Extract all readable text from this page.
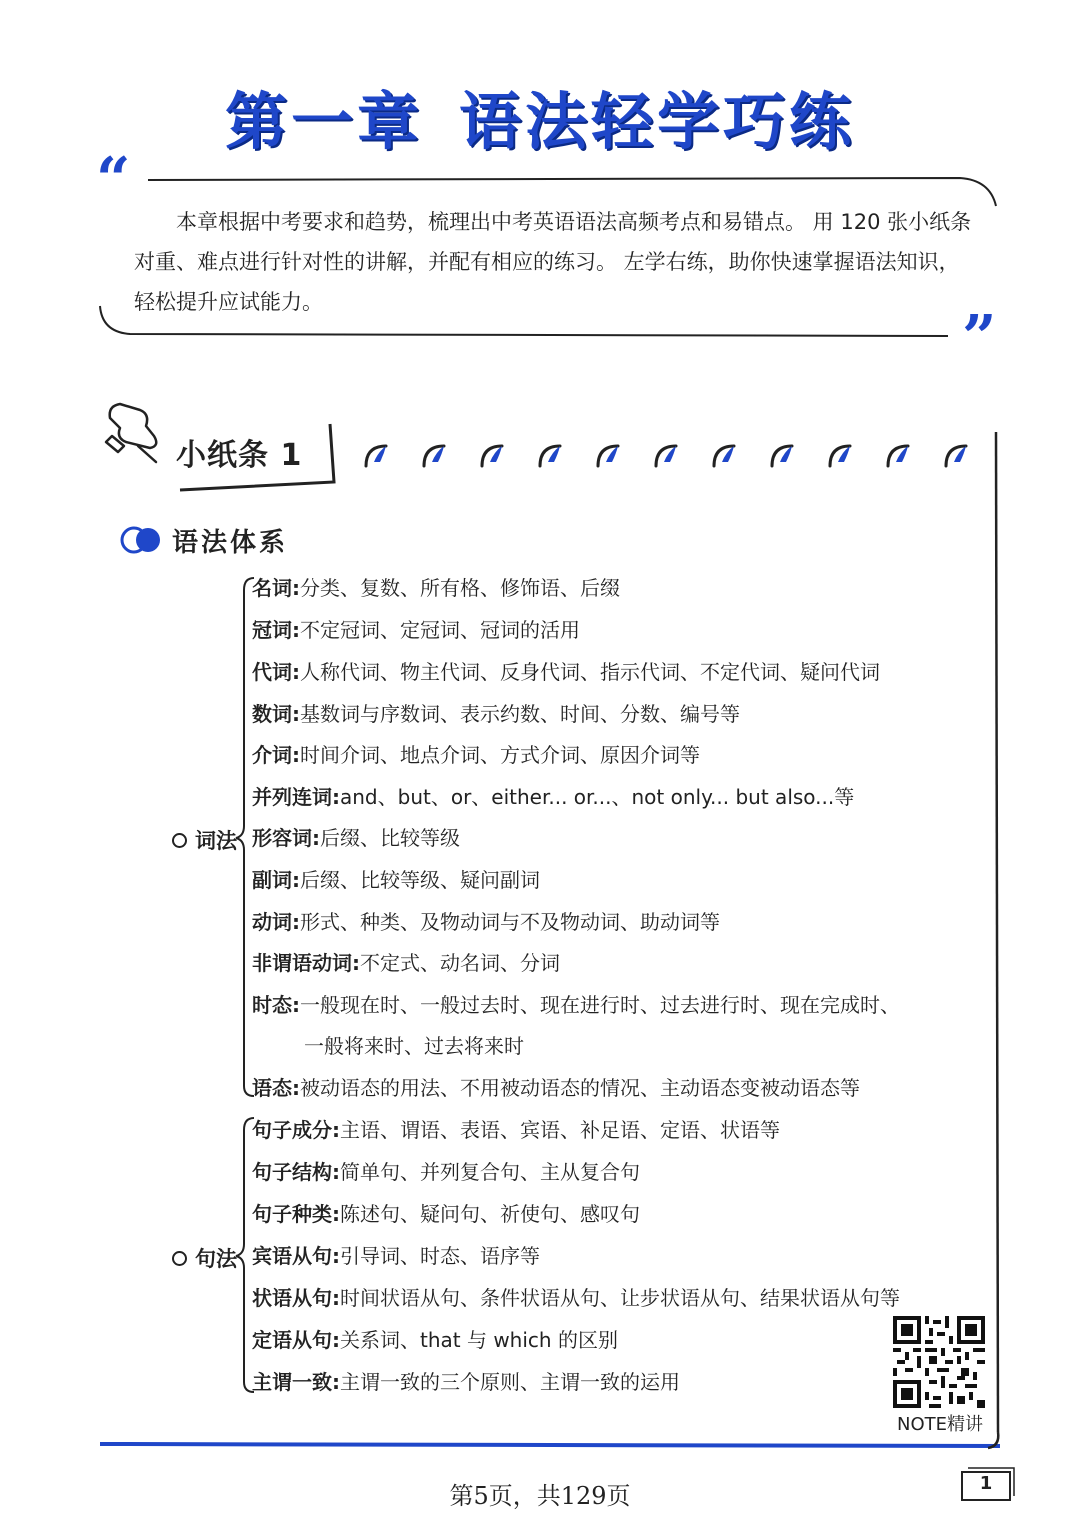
第一章 语法轻学巧练
“
本章根据中考要求和趋势，梳理出中考英语语法高频考点和易错点。 用 120 张小纸条对重、难点进行针对性的讲解，并配有相应的练习。 左学右练，助你快速掌握语法知识，轻松提升应试能力。
”
小纸条 1
语法体系
词法
名词:分类、复数、所有格、修饰语、后缀
冠词:不定冠词、定冠词、冠词的活用
代词:人称代词、物主代词、反身代词、指示代词、不定代词、疑问代词
数词:基数词与序数词、表示约数、时间、分数、编号等
介词:时间介词、地点介词、方式介词、原因介词等
并列连词:and、but、or、either... or...、not only... but also...等
形容词:后缀、比较等级
副词:后缀、比较等级、疑问副词
动词:形式、种类、及物动词与不及物动词、助动词等
非谓语动词:不定式、动名词、分词
时态:一般现在时、一般过去时、现在进行时、过去进行时、现在完成时、
一般将来时、过去将来时
语态:被动语态的用法、不用被动语态的情况、主动语态变被动语态等
句法
句子成分:主语、谓语、表语、宾语、补足语、定语、状语等
句子结构:简单句、并列复合句、主从复合句
句子种类:陈述句、疑问句、祈使句、感叹句
宾语从句:引导词、时态、语序等
状语从句:时间状语从句、条件状语从句、让步状语从句、结果状语从句等
定语从句:关系词、that 与 which 的区别
主谓一致:主谓一致的三个原则、主谓一致的运用
NOTE精讲
第5页，共129页	1
